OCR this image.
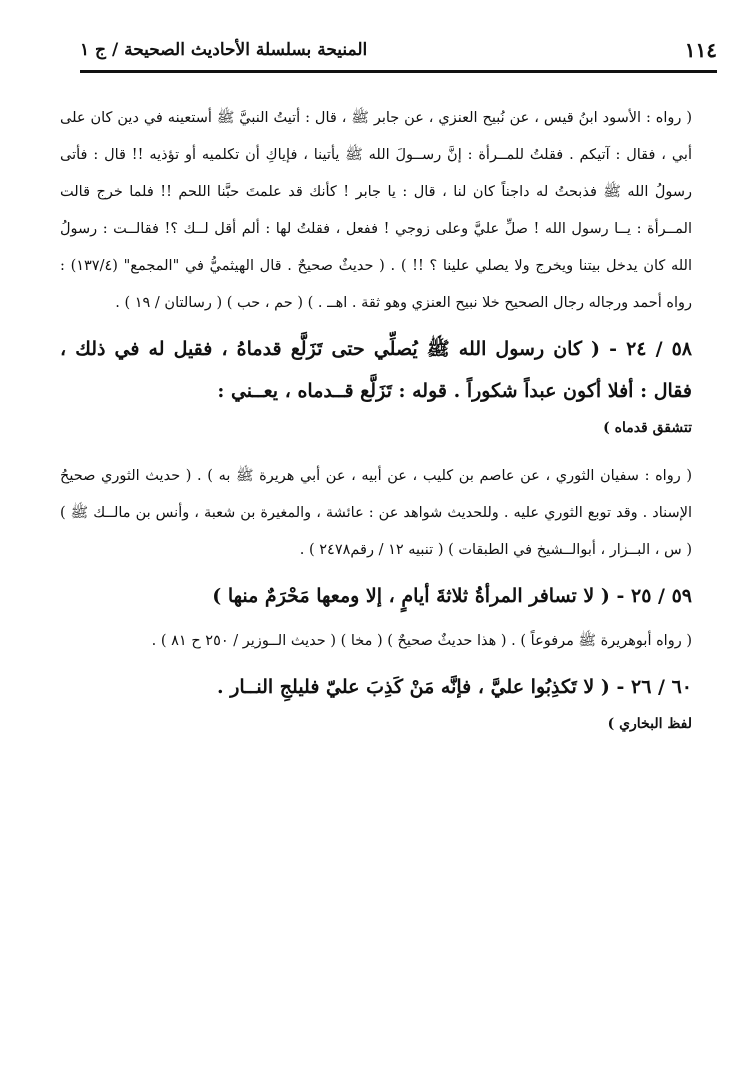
١١٤
المنيحة بسلسلة الأحاديث الصحيحة / ج ١

( رواه : الأسود ابنُ قيس ، عن نُبيح العنزي ، عن جابر ﷺ ، قال : أتيتُ النبيَّ ﷺ أستعينه في دين كان على أبي ، فقال : آتيكم . فقلتُ للمــرأة : إنَّ رســولَ الله ﷺ يأتينا ، فإياكِ أن تكلميه أو تؤذيه !! قال : فأتى رسولُ الله ﷺ فذبحتُ له داجناً كان لنا ، قال : يا جابر ! كأنك قد علمتَ حبَّنا اللحم !! فلما خرج قالت المــرأة : يــا رسول الله ! صلِّ عليَّ وعلى زوجي ! ففعل ، فقلتُ لها : ألم أقل لــك ؟! فقالــت : رسولُ الله كان يدخل بيتنا ويخرج ولا يصلي علينا ؟ !! ) . ( حديثٌ صحيحٌ . قال الهيثميُّ في "المجمع" (١٣٧/٤) : رواه أحمد ورجاله رجال الصحيح خلا نبيح العنزي وهو ثقة . اهــ . ) ( حم ، حب ) ( رسالتان / ١٩ ) .

٥٨ / ٢٤ - ( كان رسول الله ﷺ يُصلِّي حتى تَزَلَّع قدماهُ ، فقيل له في ذلك ، فقال : أفلا أكون عبداً شكوراً . قوله : تَزَلَّع قــدماه ، يعــني :

تتشقق قدماه )

( رواه : سفيان الثوري ، عن عاصم بن كليب ، عن أبيه ، عن أبي هريرة ﷺ به ) . ( حديث الثوري صحيحُ الإسناد . وقد توبع الثوري عليه . وللحديث شواهد عن : عائشة ، والمغيرة بن شعبة ، وأنس بن مالــك ﷺ ) ( س ، البــزار ، أبوالــشيخ في الطبقات ) ( تنبيه ١٢ / رقم٢٤٧٨ ) .

٥٩ / ٢٥ - ( لا تسافر المرأةُ ثلاثةَ أيامٍ ، إلا ومعها مَحْرَمٌ منها )

( رواه أبوهريرة ﷺ مرفوعاً ) . ( هذا حديثٌ صحيحٌ ) ( مخا ) ( حديث الــوزير / ٢٥٠ ح ٨١ ) .

٦٠ / ٢٦ - ( لا تَكذِبُوا عليَّ ، فإنَّه مَنْ كَذِبَ عليّ فليلجِ النــار .

لفظ البخاري )
